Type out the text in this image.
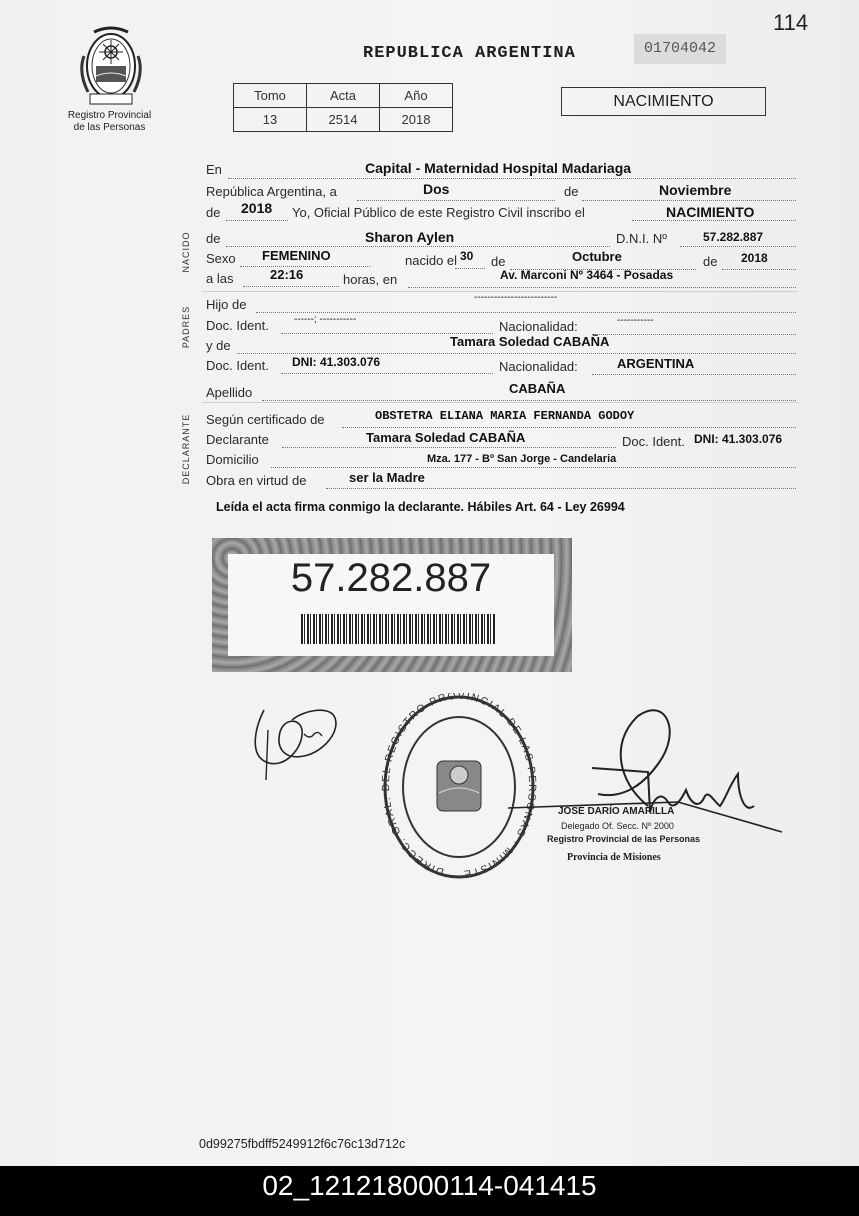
114
Registro Provincial
de las Personas
REPUBLICA ARGENTINA	01704042
Tomo	Acta	Año
13	2514	2018
NACIMIENTO
NACIDO
PADRES
DECLARANTE
En	Capital - Maternidad Hospital Madariaga
República Argentina, a	Dos	de	Noviembre
de 2018 Yo, Oficial Público de este Registro Civil inscribo el	NACIMIENTO
de	Sharon Aylen	D.N.I. Nº	57.282.887
Sexo FEMENINO	nacido el 30 de	Octubre	de 2018
a las	22:16	horas, en	Av. Marconi Nº 3464 - Posadas
Hijo de	-------------------------
Doc. Ident.	------; -----------	Nacionalidad:	-----------
y de	Tamara Soledad CABAÑA
Doc. Ident. DNI: 41.303.076	Nacionalidad:	ARGENTINA
Apellido	CABAÑA
Según certificado de	OBSTETRA ELIANA MARIA FERNANDA GODOY
Declarante	Tamara Soledad CABAÑA	Doc. Ident. DNI: 41.303.076
Domicilio	Mza. 177 - Bº San Jorge - Candelaria
Obra en virtud de	ser la Madre
Leída el acta firma conmigo la declarante. Hábiles Art. 64 - Ley 26994
57.282.887
DIRECC. GRAL. DEL REGISTRO PROVINCIAL DE LAS PERSONAS · MINISTE
JOSÉ DARÍO AMARILLA
Delegado Of. Secc. Nº 2000
Registro Provincial de las Personas
Provincia de Misiones
0d99275fbdff5249912f6c76c13d712c
02_121218000114-041415
